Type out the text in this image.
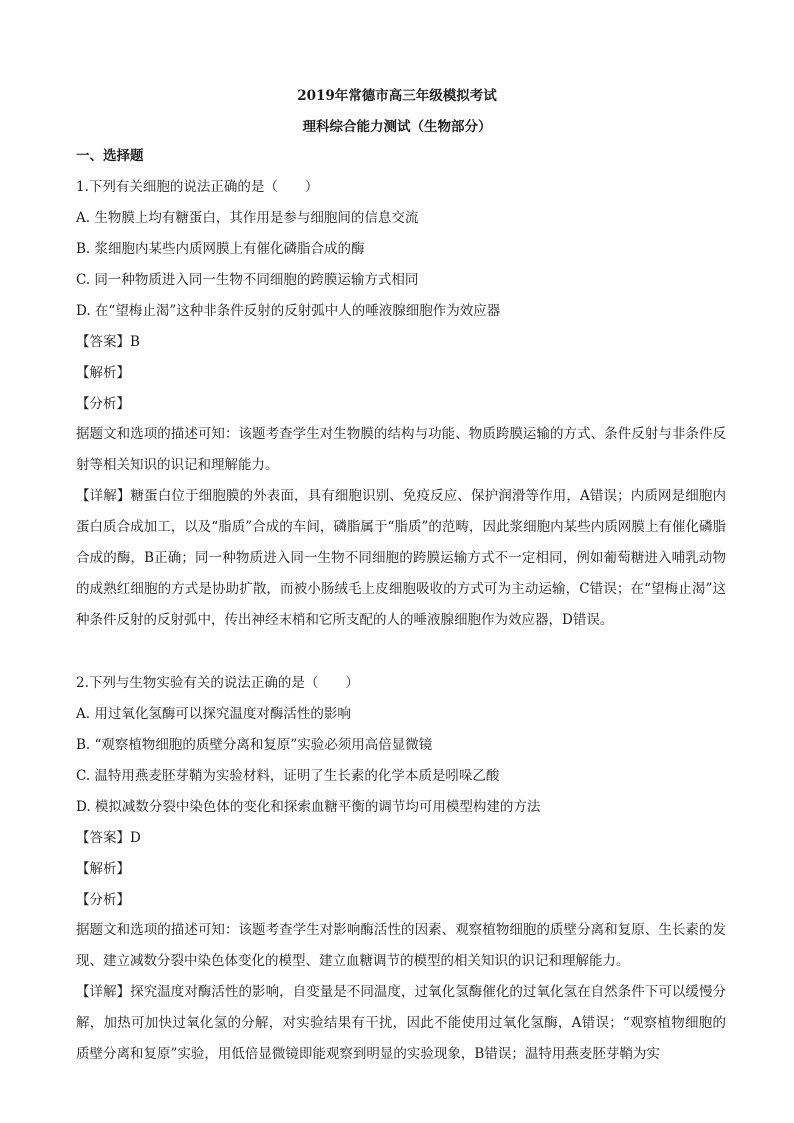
2019年常德市高三年级模拟考试
理科综合能力测试（生物部分）
一、选择题
1.下列有关细胞的说法正确的是（　　）
A. 生物膜上均有糖蛋白，其作用是参与细胞间的信息交流
B. 浆细胞内某些内质网膜上有催化磷脂合成的酶
C. 同一种物质进入同一生物不同细胞的跨膜运输方式相同
D. 在“望梅止渴”这种非条件反射的反射弧中人的唾液腺细胞作为效应器
【答案】B
【解析】
【分析】
据题文和选项的描述可知：该题考查学生对生物膜的结构与功能、物质跨膜运输的方式、条件反射与非条件反射等相关知识的识记和理解能力。
【详解】糖蛋白位于细胞膜的外表面，具有细胞识别、免疫反应、保护润滑等作用，A错误；内质网是细胞内蛋白质合成加工，以及“脂质”合成的车间，磷脂属于“脂质”的范畴，因此浆细胞内某些内质网膜上有催化磷脂合成的酶，B正确；同一种物质进入同一生物不同细胞的跨膜运输方式不一定相同，例如葡萄糖进入哺乳动物的成熟红细胞的方式是协助扩散，而被小肠绒毛上皮细胞吸收的方式可为主动运输，C错误；在“望梅止渴”这种条件反射的反射弧中，传出神经末梢和它所支配的人的唾液腺细胞作为效应器，D错误。
2.下列与生物实验有关的说法正确的是（　　）
A. 用过氧化氢酶可以探究温度对酶活性的影响
B. “观察植物细胞的质壁分离和复原”实验必须用高倍显微镜
C. 温特用燕麦胚芽鞘为实验材料，证明了生长素的化学本质是吲哚乙酸
D. 模拟减数分裂中染色体的变化和探索血糖平衡的调节均可用模型构建的方法
【答案】D
【解析】
【分析】
据题文和选项的描述可知：该题考查学生对影响酶活性的因素、观察植物细胞的质壁分离和复原、生长素的发现、建立减数分裂中染色体变化的模型、建立血糖调节的模型的相关知识的识记和理解能力。
【详解】探究温度对酶活性的影响，自变量是不同温度，过氧化氢酶催化的过氧化氢在自然条件下可以缓慢分解，加热可加快过氧化氢的分解，对实验结果有干扰，因此不能使用过氧化氢酶，A错误；“观察植物细胞的质壁分离和复原”实验，用低倍显微镜即能观察到明显的实验现象，B错误；温特用燕麦胚芽鞘为实
